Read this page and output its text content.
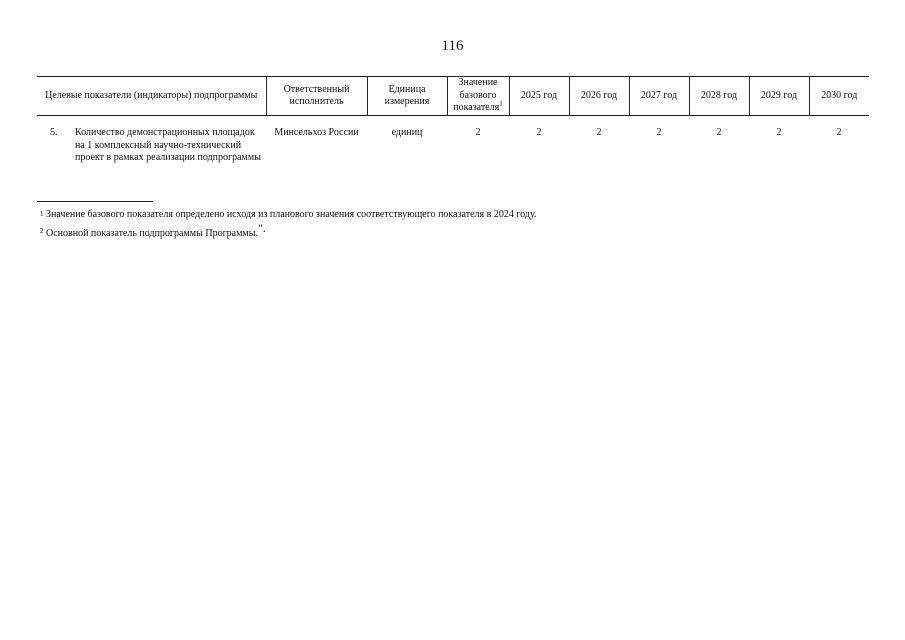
116
Целевые показатели (индикаторы) подпрограммы		Ответственный исполнитель	Единица измерения	Значение базового показателя$^1$	2025 год	2026 год	2027 год	2028 год	2029 год	2030 год
5.	Количество демонстрационных площадок на 1 комплексный научно-технический проект в рамках реализации подпрограммы	Минсельхоз России	единиц	2	2	2	2	2	2	2
$^1$ Значение базового показателя определено исходя из планового значения соответствующего показателя в 2024 году.
$^2$ Основной показатель подпрограммы Программы.".
